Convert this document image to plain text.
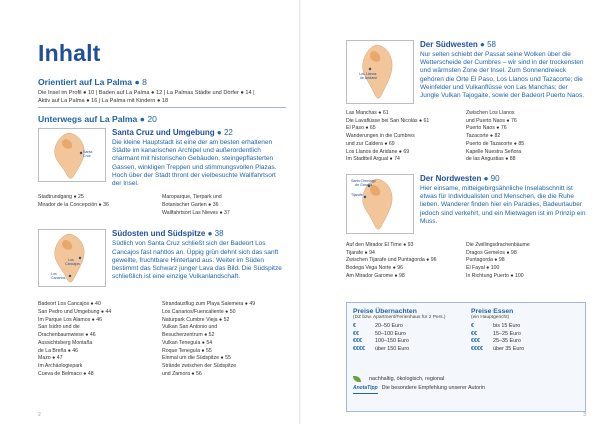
Inhalt
Orientiert auf La Palma ● 8
Die Insel im Profil ● 10 | Baden auf La Palma ● 12 | La Palmas Städte und Dörfer ● 14 |
Aktiv auf La Palma ● 16 | La Palma mit Kindern ● 18
Unterwegs auf La Palma ● 20
Santa
Cruz
Santa Cruz und Umgebung ● 22
Die kleine Hauptstadt ist eine der am besten erhaltenen Städte im kanarischen Archipel und außerordentlich charmant mit historischen Gebäuden, steingepflasterten Gassen, winkligen Treppen und stimmungsvollen Plazas. Hoch über der Stadt thront der vielbesuchte Wallfahrtsort der Insel.
Stadtrundgang ● 25
Mirador de la Concepción ● 36
Maroparque, Tierpark und
Botanischer Garten ● 36
Wallfahrtsort Las Nieves ● 37
Los
Cancajos
Los
Canarios
Südosten und Südspitze ● 38
Südlich von Santa Cruz schließt sich der Badeort Los Cancajos fast nahtlos an. Üppig grün dehnt sich das sanft gewellte, fruchtbare Hinterland aus. Weiter im Süden bestimmt das Schwarz junger Lava das Bild. Die Südspitze schließlich ist eine einzige Vulkanlandschaft.
Badeort Los Cancajos ● 40
San Pedro und Umgebung ● 44
Im Parque Los Alamos ● 46
San Isidro und die
Drachenbaumwiese ● 46
Aussichtsberg Montaña
de La Breña ● 46
Mazo ● 47
Im Archäologiepark
Cueva de Belmaco ● 48
Strandausflug zum Playa Salemera ● 49
Los Canarios/Fuencaliente ● 50
Naturpark Cumbre Vieja ● 52
Vulkan San Antonio und
Besucherzentrum ● 52
Vulkan Teneguía ● 54
Roque Teneguía ● 55
Einmal um die Südspitze ● 55
Strände zwischen der Südspitze
und Zamora ● 56
2
Los Llanos
de Aridane
Der Südwesten ● 58
Nur selten schiebt der Passat seine Wolken über die Wetterscheide der Cumbres – wir sind in der trockensten und wärmsten Zone der Insel. Zum Sonnendreieck gehören die Orte El Paso, Los Llanos und Tazacorte; die Weinfelder und Vulkanflüsse von Las Manchas; der Jungle Vulkan Tajogaite, sowie der Badeort Puerto Naos.
Las Manchas ● 61
Die Lavaflüsse bei San Nicolás ● 61
El Paso ● 65
Wanderungen in die Cumbres
und zur Caldera ● 69
Los Llanos de Aridane ● 69
Im Stadtteil Argual ● 74
Zwischen Los Llanos
und Puerto Naos ● 76
Puerto Naos ● 76
Tazacorte ● 82
Puerto de Tazacorte ● 85
Kapelle Nuestra Señora
de las Angustias ● 88
Santo Domingo
de Garafía
Tijarafe
Der Nordwesten ● 90
Hier einsame, mitteigebirgsähnliche Inselabschnitt ist etwas für Individualisten und Menschen, die die Ruhe lieben. Wanderer finden hier ein Paradies, Badeurlauber jedoch sind verkehrt, und ein Mietwagen ist im Prinzip ein Muss.
Auf den Mirador El Time ● 93
Tijarafe ● 94
Zwischen Tijarafe und Puntagorda ● 96
Bodega Vega Norte ● 96
Am Mirador Garome ● 98
Die Zwillingsdrachenbäume
Dragos Gemelos ● 98
Puntagorda ● 98
El Fayal ● 100
In Richtung Puerto ● 100
3
Preise Übernachten
(DZ bzw. Apartment/Ferienhaus für 2 Pers.)
€	20–50 Euro
€€	50–100 Euro
€€€	100–150 Euro
€€€€	über 150 Euro
Preise Essen
(ein Hauptgericht)
€	bis 15 Euro
€€	15–25 Euro
€€€	25–35 Euro
€€€€	über 35 Euro
nachhaltig, ökologisch, regional
AnotaTipp Die besondere Empfehlung unserer Autorin
